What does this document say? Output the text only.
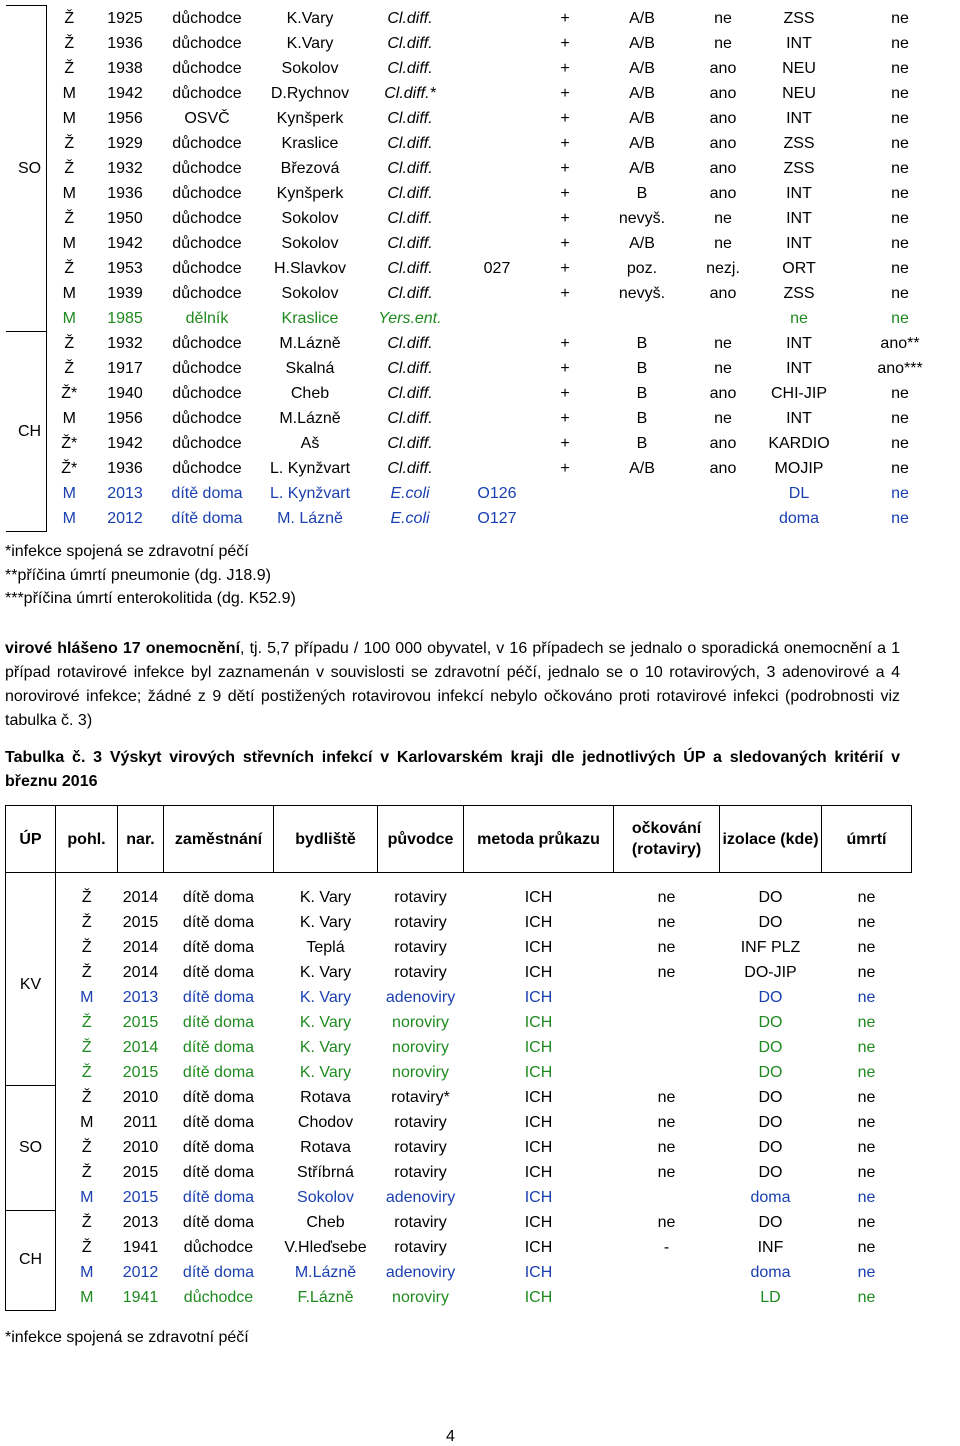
SO	Ž	1925	důchodce	K.Vary	Cl.diff.		+	A/B	ne	ZSS	ne
	Ž	1936	důchodce	K.Vary	Cl.diff.		+	A/B	ne	INT	ne
	Ž	1938	důchodce	Sokolov	Cl.diff.		+	A/B	ano	NEU	ne
	M	1942	důchodce	D.Rychnov	Cl.diff.*		+	A/B	ano	NEU	ne
	M	1956	OSVČ	Kynšperk	Cl.diff.		+	A/B	ano	INT	ne
	Ž	1929	důchodce	Kraslice	Cl.diff.		+	A/B	ano	ZSS	ne
	Ž	1932	důchodce	Březová	Cl.diff.		+	A/B	ano	ZSS	ne
	M	1936	důchodce	Kynšperk	Cl.diff.		+	B	ano	INT	ne
	Ž	1950	důchodce	Sokolov	Cl.diff.		+	nevyš.	ne	INT	ne
	M	1942	důchodce	Sokolov	Cl.diff.		+	A/B	ne	INT	ne
	Ž	1953	důchodce	H.Slavkov	Cl.diff.	027	+	poz.	nezj.	ORT	ne
	M	1939	důchodce	Sokolov	Cl.diff.		+	nevyš.	ano	ZSS	ne
	M	1985	dělník	Kraslice	Yers.ent.					ne	ne
CH	Ž	1932	důchodce	M.Lázně	Cl.diff.		+	B	ne	INT	ano**
	Ž	1917	důchodce	Skalná	Cl.diff.		+	B	ne	INT	ano***
	Ž*	1940	důchodce	Cheb	Cl.diff.		+	B	ano	CHI-JIP	ne
	M	1956	důchodce	M.Lázně	Cl.diff.		+	B	ne	INT	ne
	Ž*	1942	důchodce	Aš	Cl.diff.		+	B	ano	KARDIO	ne
	Ž*	1936	důchodce	L. Kynžvart	Cl.diff.		+	A/B	ano	MOJIP	ne
	M	2013	dítě doma	L. Kynžvart	E.coli	O126				DL	ne
	M	2012	dítě doma	M. Lázně	E.coli	O127				doma	ne
*infekce spojená se zdravotní péčí
**příčina úmrtí pneumonie (dg. J18.9)
***příčina úmrtí enterokolitida (dg. K52.9)
virové hlášeno 17 onemocnění, tj. 5,7 případu / 100 000 obyvatel, v 16 případech se jednalo o sporadická onemocnění a 1 případ rotavirové infekce byl zaznamenán v souvislosti se zdravotní péčí, jednalo se o 10 rotavirových, 3 adenovirové a 4 norovirové infekce; žádné z 9 dětí postižených rotavirovou infekcí nebylo očkováno proti rotavirové infekci (podrobnosti viz tabulka č. 3)
Tabulka č. 3 Výskyt virových střevních infekcí v Karlovarském kraji dle jednotlivých ÚP a sledovaných kritérií v březnu 2016
ÚP	pohl.	nar.	zaměstnání	bydliště	původce	metoda průkazu	očkování (rotaviry)	izolace (kde)	úmrtí

KV	Ž	2014	dítě doma	K. Vary	rotaviry	ICH	ne	DO	ne
	Ž	2015	dítě doma	K. Vary	rotaviry	ICH	ne	DO	ne
	Ž	2014	dítě doma	Teplá	rotaviry	ICH	ne	INF PLZ	ne
	Ž	2014	dítě doma	K. Vary	rotaviry	ICH	ne	DO-JIP	ne
	M	2013	dítě doma	K. Vary	adenoviry	ICH		DO	ne
	Ž	2015	dítě doma	K. Vary	noroviry	ICH		DO	ne
	Ž	2014	dítě doma	K. Vary	noroviry	ICH		DO	ne
	Ž	2015	dítě doma	K. Vary	noroviry	ICH		DO	ne
SO	Ž	2010	dítě doma	Rotava	rotaviry*	ICH	ne	DO	ne
	M	2011	dítě doma	Chodov	rotaviry	ICH	ne	DO	ne
	Ž	2010	dítě doma	Rotava	rotaviry	ICH	ne	DO	ne
	Ž	2015	dítě doma	Stříbrná	rotaviry	ICH	ne	DO	ne
	M	2015	dítě doma	Sokolov	adenoviry	ICH		doma	ne
CH	Ž	2013	dítě doma	Cheb	rotaviry	ICH	ne	DO	ne
	Ž	1941	důchodce	V.Hleďsebe	rotaviry	ICH	-	INF	ne
	M	2012	dítě doma	M.Lázně	adenoviry	ICH		doma	ne
	M	1941	důchodce	F.Lázně	noroviry	ICH		LD	ne
*infekce spojená se zdravotní péčí
4
